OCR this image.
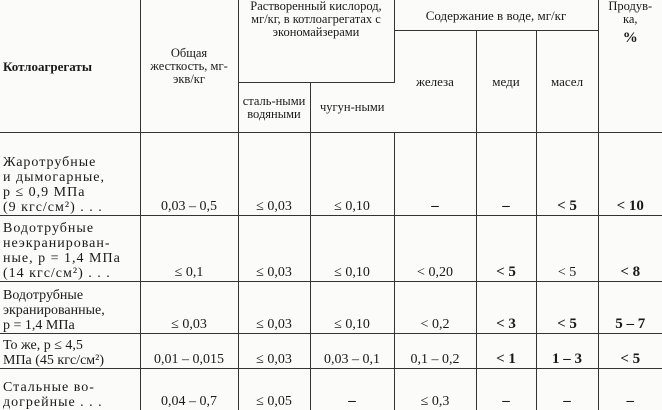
Котлоагрегаты	Общая жесткость, мг-экв/кг	Растворенный кислород, мг/кг, в котлоагрегатах с экономайзерами		Содержание в воде, мг/кг			Продув-ка,
%

				железа	меди	масел	
		сталь-ными водяными	чугун-ными				
Жаротрубные
и дымогарные,
p ≤ 0,9 МПа
(9 кгс/см²) . . .	0,03 – 0,5	≤ 0,03	≤ 0,10	–	–	< 5	< 10
Водотрубные
неэкранирован-
ные, p = 1,4 МПа
(14 кгс/см²) . . .	≤ 0,1	≤ 0,03	≤ 0,10	< 0,20	< 5	< 5	< 8
Водотрубные
экранированные,
p = 1,4 МПа	≤ 0,03	≤ 0,03	≤ 0,10	< 0,2	< 3	< 5	5 – 7
То же, p ≤ 4,5
МПа (45 кгс/см²)	0,01 – 0,015	≤ 0,03	0,03 – 0,1	0,1 – 0,2	< 1	1 – 3	< 5
Стальные во-
догрейные . . .	0,04 – 0,7	≤ 0,05	–	≤ 0,3	–	–	–
